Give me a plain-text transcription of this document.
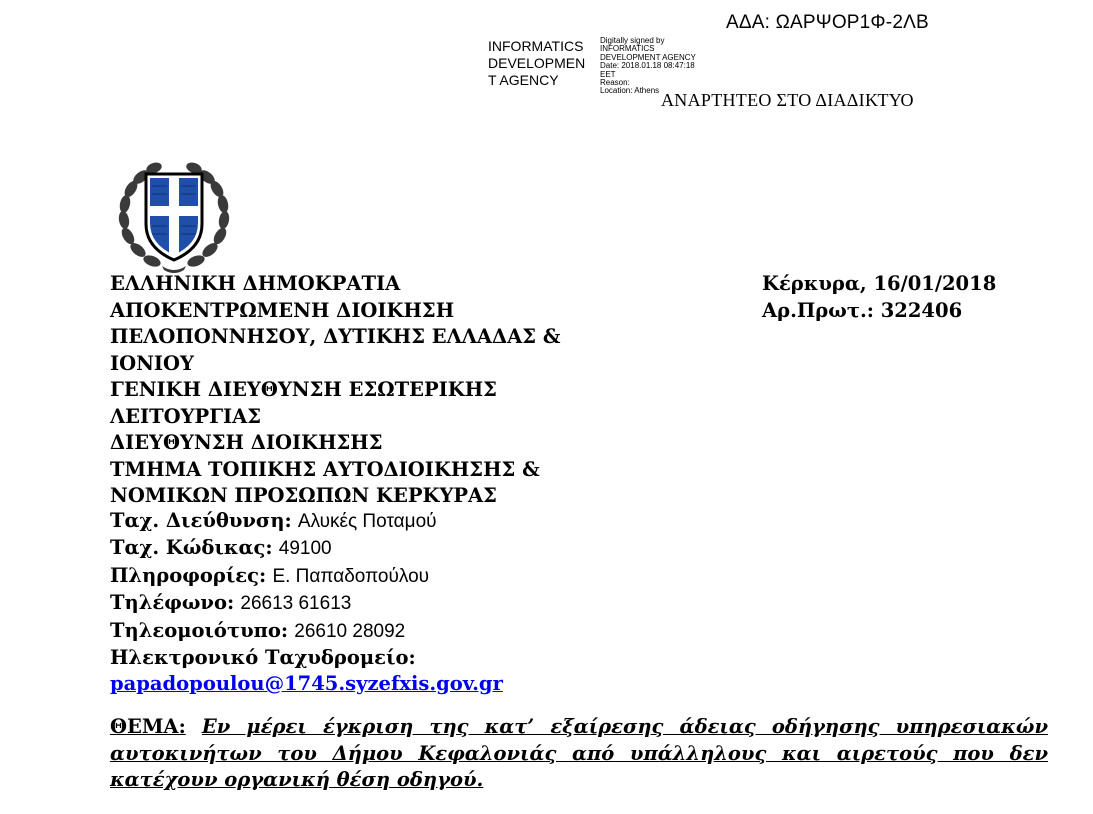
ΑΔΑ: ΩΑΡΨΟΡ1Φ-2ΛΒ
INFORMATICS
DEVELOPMEN
T AGENCY
Digitally signed by
INFORMATICS
DEVELOPMENT AGENCY
Date: 2018.01.18 08:47:18
EET
Reason:
Location: Athens ΑΝΑΡΤΗΤΕΟ ΣΤΟ ΔΙΑΔΙΚΤΥΟ
ΕΛΛΗΝΙΚΗ ΔΗΜΟΚΡΑΤΙΑ
ΑΠΟΚΕΝΤΡΩΜΕΝΗ ΔΙΟΙΚΗΣΗ
ΠΕΛΟΠΟΝΝΗΣΟΥ, ΔΥΤΙΚΗΣ ΕΛΛΑΔΑΣ &
ΙΟΝΙΟΥ
ΓΕΝΙΚΗ ΔΙΕΥΘΥΝΣΗ ΕΣΩΤΕΡΙΚΗΣ
ΛΕΙΤΟΥΡΓΙΑΣ
ΔΙΕΥΘΥΝΣΗ ΔΙΟΙΚΗΣΗΣ
ΤΜΗΜΑ ΤΟΠΙΚΗΣ ΑΥΤΟΔΙΟΙΚΗΣΗΣ &
ΝΟΜΙΚΩΝ ΠΡΟΣΩΠΩΝ ΚΕΡΚΥΡΑΣ
Κέρκυρα, 16/01/2018
Αρ.Πρωτ.: 322406
Ταχ. Διεύθυνση: Αλυκές Ποταμού
Ταχ. Κώδικας: 49100
Πληροφορίες: Ε. Παπαδοπούλου
Τηλέφωνο: 26613 61613
Τηλεομοιότυπο: 26610 28092
Ηλεκτρονικό Ταχυδρομείο:
papadopoulou@1745.syzefxis.gov.gr
ΘΕΜΑ: Εν μέρει έγκριση της κατ’ εξαίρεσης άδειας οδήγησης υπηρεσιακών αυτοκινήτων του Δήμου Κεφαλονιάς από υπάλληλους και αιρετούς που δεν κατέχουν οργανική θέση οδηγού.
